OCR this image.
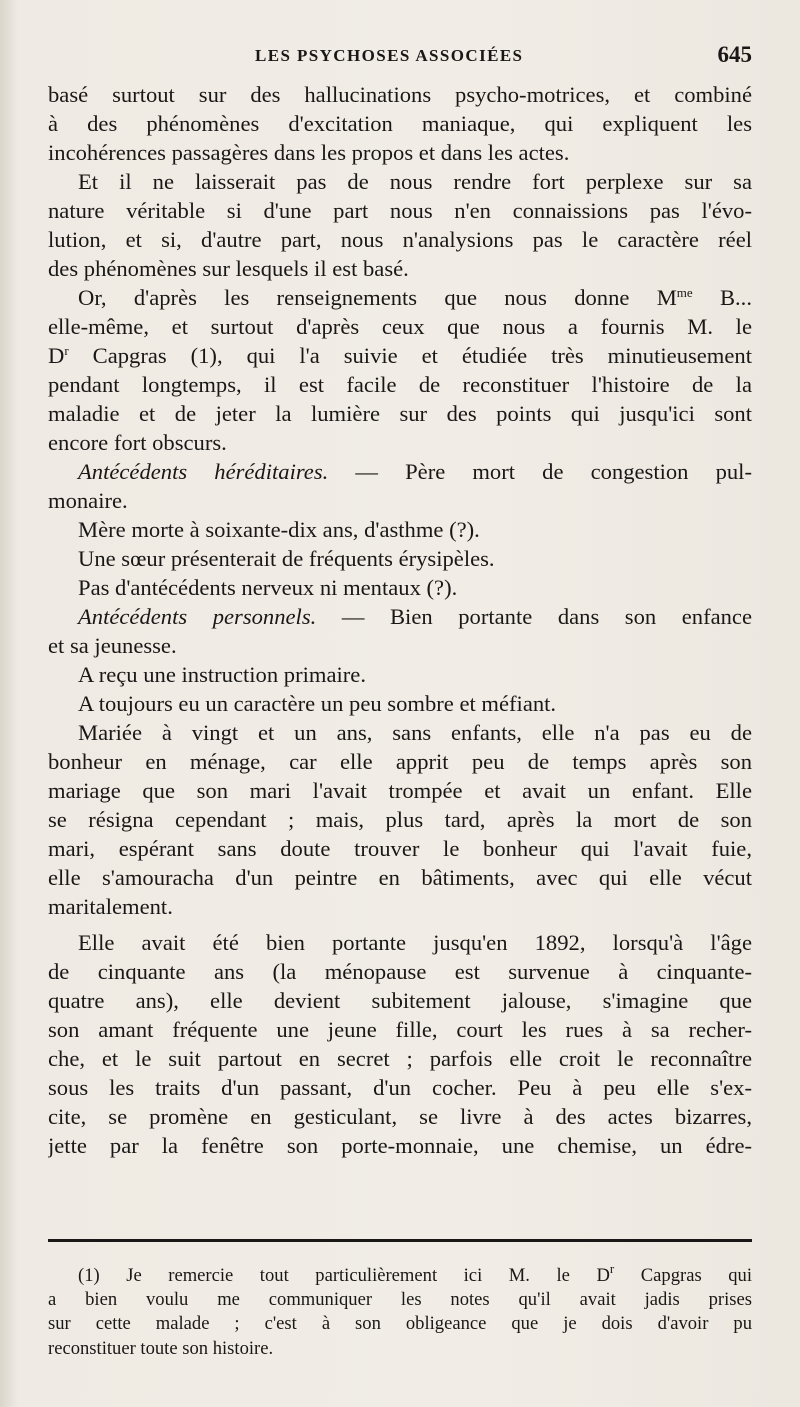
LES PSYCHOSES ASSOCIÉES	645
basé surtout sur des hallucinations psycho-motrices, et combiné
à des phénomènes d'excitation maniaque, qui expliquent les
incohérences passagères dans les propos et dans les actes.
Et il ne laisserait pas de nous rendre fort perplexe sur sa
nature véritable si d'une part nous n'en connaissions pas l'évo-
lution, et si, d'autre part, nous n'analysions pas le caractère réel
des phénomènes sur lesquels il est basé.
Or, d'après les renseignements que nous donne $M^{me}$ B...
elle-même, et surtout d'après ceux que nous a fournis M. le
$D^r$ Capgras (1), qui l'a suivie et étudiée très minutieusement
pendant longtemps, il est facile de reconstituer l'histoire de la
maladie et de jeter la lumière sur des points qui jusqu'ici sont
encore fort obscurs.
Antécédents héréditaires. — Père mort de congestion pul-
monaire.
Mère morte à soixante-dix ans, d'asthme (?).
Une sœur présenterait de fréquents érysipèles.
Pas d'antécédents nerveux ni mentaux (?).
Antécédents personnels. — Bien portante dans son enfance
et sa jeunesse.
A reçu une instruction primaire.
A toujours eu un caractère un peu sombre et méfiant.
Mariée à vingt et un ans, sans enfants, elle n'a pas eu de
bonheur en ménage, car elle apprit peu de temps après son
mariage que son mari l'avait trompée et avait un enfant. Elle
se résigna cependant ; mais, plus tard, après la mort de son
mari, espérant sans doute trouver le bonheur qui l'avait fuie,
elle s'amouracha d'un peintre en bâtiments, avec qui elle vécut
maritalement.
Elle avait été bien portante jusqu'en 1892, lorsqu'à l'âge
de cinquante ans (la ménopause est survenue à cinquante-
quatre ans), elle devient subitement jalouse, s'imagine que
son amant fréquente une jeune fille, court les rues à sa recher-
che, et le suit partout en secret ; parfois elle croit le reconnaître
sous les traits d'un passant, d'un cocher. Peu à peu elle s'ex-
cite, se promène en gesticulant, se livre à des actes bizarres,
jette par la fenêtre son porte-monnaie, une chemise, un édre-
(1) Je remercie tout particulièrement ici M. le $D^r$ Capgras qui
a bien voulu me communiquer les notes qu'il avait jadis prises
sur cette malade ; c'est à son obligeance que je dois d'avoir pu
reconstituer toute son histoire.
